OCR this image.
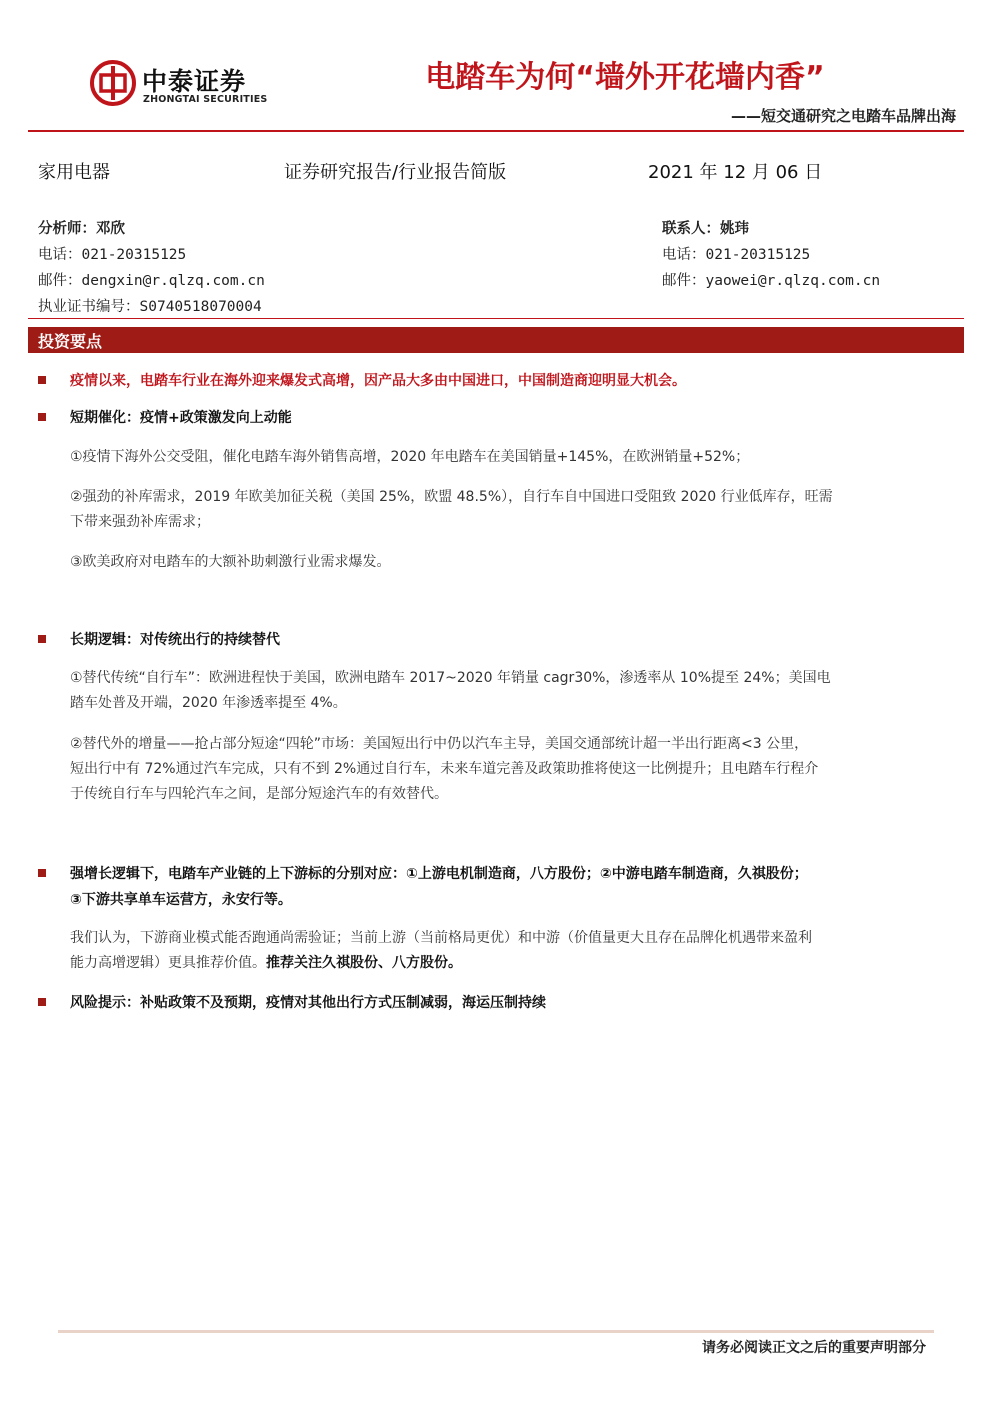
中泰证券
ZHONGTAI SECURITIES
电踏车为何“墙外开花墙内香”
——短交通研究之电踏车品牌出海
家用电器	证券研究报告/行业报告简版	2021 年 12 月 06 日
分析师：邓欣
电话：021-20315125
邮件：dengxin@r.qlzq.com.cn
执业证书编号：S0740518070004
联系人：姚玮
电话：021-20315125
邮件：yaowei@r.qlzq.com.cn
投资要点
疫情以来，电踏车行业在海外迎来爆发式高增，因产品大多由中国进口，中国制造商迎明显大机会。
短期催化：疫情+政策激发向上动能
①疫情下海外公交受阻，催化电踏车海外销售高增，2020 年电踏车在美国销量+145%，在欧洲销量+52%；
②强劲的补库需求，2019 年欧美加征关税（美国 25%，欧盟 48.5%），自行车自中国进口受阻致 2020 行业低库存，旺需
下带来强劲补库需求；
③欧美政府对电踏车的大额补助刺激行业需求爆发。
长期逻辑：对传统出行的持续替代
①替代传统“自行车”：欧洲进程快于美国，欧洲电踏车 2017~2020 年销量 cagr30%，渗透率从 10%提至 24%；美国电
踏车处普及开端，2020 年渗透率提至 4%。
②替代外的增量——抢占部分短途“四轮”市场：美国短出行中仍以汽车主导，美国交通部统计超一半出行距离<3 公里，
短出行中有 72%通过汽车完成，只有不到 2%通过自行车，未来车道完善及政策助推将使这一比例提升；且电踏车行程介
于传统自行车与四轮汽车之间，是部分短途汽车的有效替代。
强增长逻辑下，电踏车产业链的上下游标的分别对应：①上游电机制造商，八方股份；②中游电踏车制造商，久祺股份；
③下游共享单车运营方，永安行等。
我们认为，下游商业模式能否跑通尚需验证；当前上游（当前格局更优）和中游（价值量更大且存在品牌化机遇带来盈利
能力高增逻辑）更具推荐价值。推荐关注久祺股份、八方股份。
风险提示：补贴政策不及预期，疫情对其他出行方式压制减弱，海运压制持续
请务必阅读正文之后的重要声明部分
